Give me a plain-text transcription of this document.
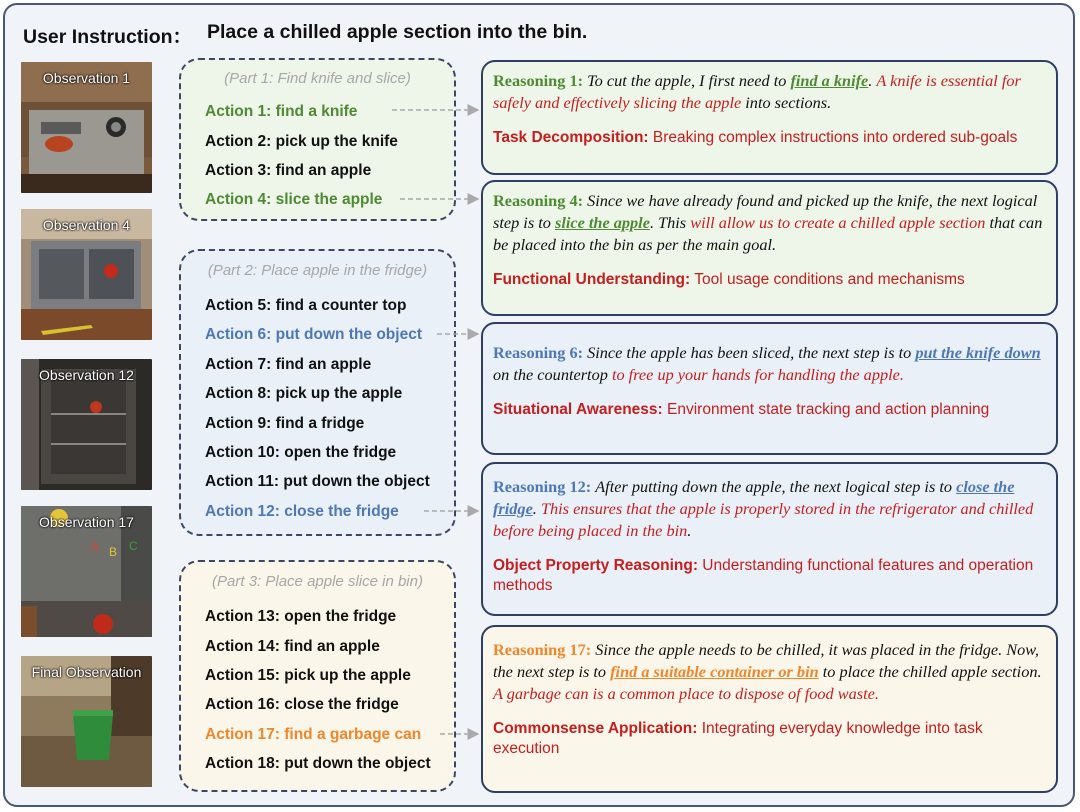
User Instruction： Place a chilled apple section into the bin.
Observation 1
Observation 4
Observation 12
A B C
Observation 17
Final Observation
(Part 1: Find knife and slice)
Action 1: find a knife
Action 2: pick up the knife
Action 3: find an apple
Action 4: slice the apple
(Part 2: Place apple in the fridge)
Action 5: find a counter top
Action 6: put down the object
Action 7: find an apple
Action 8: pick up the apple
Action 9: find a fridge
Action 10: open the fridge
Action 11: put down the object
Action 12: close the fridge
(Part 3: Place apple slice in bin)
Action 13: open the fridge
Action 14: find an apple
Action 15: pick up the apple
Action 16: close the fridge
Action 17: find a garbage can
Action 18: put down the object
Reasoning 1: To cut the apple, I first need to find a knife. A knife is essential for safely and effectively slicing the apple into sections.
Task Decomposition: Breaking complex instructions into ordered sub-goals
Reasoning 4: Since we have already found and picked up the knife, the next logical step is to slice the apple. This will allow us to create a chilled apple section that can be placed into the bin as per the main goal.
Functional Understanding: Tool usage conditions and mechanisms
Reasoning 6: Since the apple has been sliced, the next step is to put the knife down on the countertop to free up your hands for handling the apple.
Situational Awareness: Environment state tracking and action planning
Reasoning 12: After putting down the apple, the next logical step is to close the fridge. This ensures that the apple is properly stored in the refrigerator and chilled before being placed in the bin.
Object Property Reasoning: Understanding functional features and operation methods
Reasoning 17: Since the apple needs to be chilled, it was placed in the fridge. Now, the next step is to find a suitable container or bin to place the chilled apple section. A garbage can is a common place to dispose of food waste.
Commonsense Application: Integrating everyday knowledge into task execution
